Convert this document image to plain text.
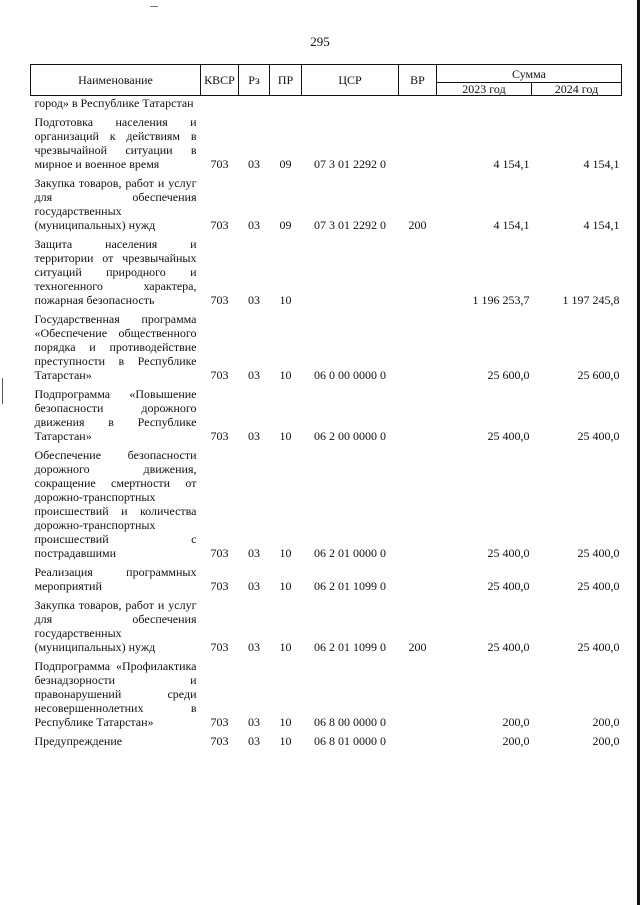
295
Наименование	КВСР	Рз	ПР	ЦСР	ВР	Сумма	
						2023 год	2024 год
город» в Республике Татарстан							
Подготовка населения и организаций к действиям в чрезвычайной ситуации в мирное и военное время	703	03	09	07 3 01 2292 0		4 154,1	4 154,1
Закупка товаров, работ и услуг для обеспечения государственных (муниципальных) нужд	703	03	09	07 3 01 2292 0	200	4 154,1	4 154,1
Защита населения и территории от чрезвычайных ситуаций природного и техногенного характера, пожарная безопасность	703	03	10			1 196 253,7	1 197 245,8
Государственная программа «Обеспечение общественного порядка и противодействие преступности в Республике Татарстан»	703	03	10	06 0 00 0000 0		25 600,0	25 600,0
Подпрограмма «Повышение безопасности дорожного движения в Республике Татарстан»	703	03	10	06 2 00 0000 0		25 400,0	25 400,0
Обеспечение безопасности дорожного движения, сокращение смертности от дорожно-транспортных происшествий и количества дорожно-транспортных происшествий с пострадавшими	703	03	10	06 2 01 0000 0		25 400,0	25 400,0
Реализация программных мероприятий	703	03	10	06 2 01 1099 0		25 400,0	25 400,0
Закупка товаров, работ и услуг для обеспечения государственных (муниципальных) нужд	703	03	10	06 2 01 1099 0	200	25 400,0	25 400,0
Подпрограмма «Профилактика безнадзорности и правонарушений среди несовершеннолетних в Республике Татарстан»	703	03	10	06 8 00 0000 0		200,0	200,0
Предупреждение	703	03	10	06 8 01 0000 0		200,0	200,0
